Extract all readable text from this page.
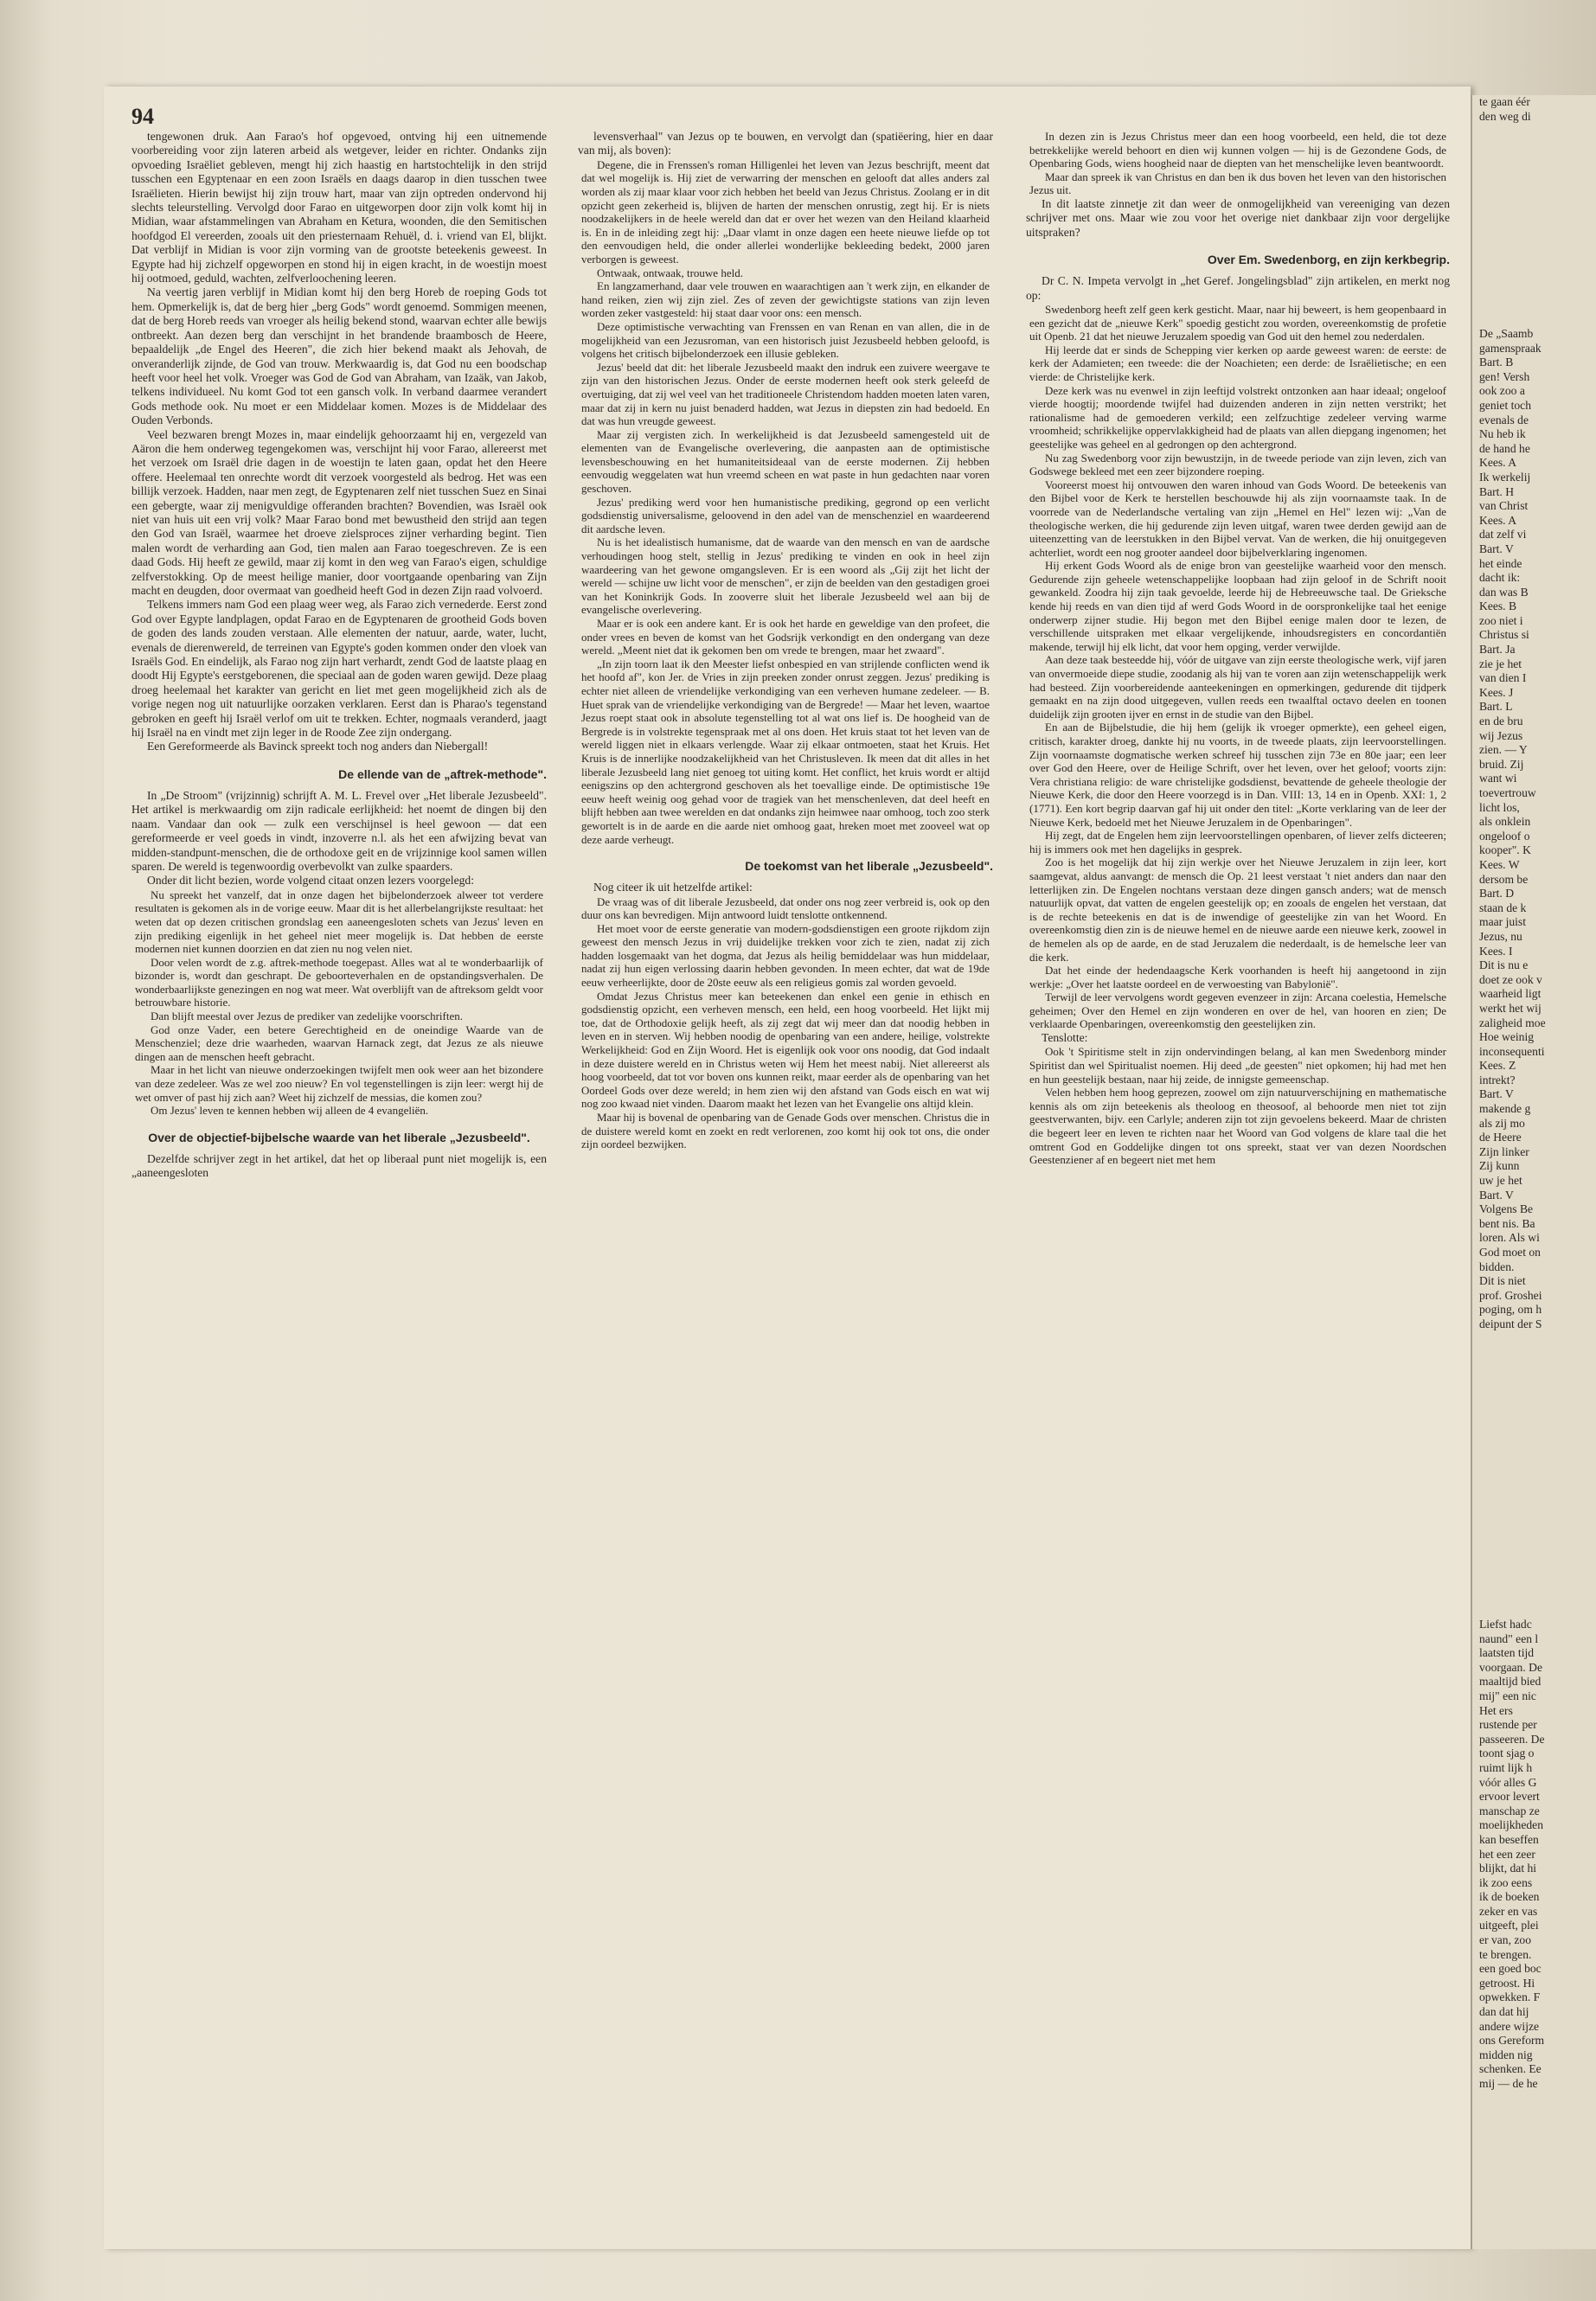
94

tengewonen druk. Aan Farao's hof opgevoed, ontving hij een uitnemende voorbereiding voor zijn lateren arbeid als wetgever, leider en richter. Ondanks zijn opvoeding Israëliet gebleven, mengt hij zich haastig en hartstochtelijk in den strijd tusschen een Egyptenaar en een zoon Israëls en daags daarop in dien tusschen twee Israëlieten. Hierin bewijst hij zijn trouw hart, maar van zijn optreden ondervond hij slechts teleurstelling. Vervolgd door Farao en uitgeworpen door zijn volk komt hij in Midian, waar afstammelingen van Abraham en Ketura, woonden, die den Semitischen hoofdgod El vereerden, zooals uit den priesternaam Rehuël, d. i. vriend van El, blijkt. Dat verblijf in Midian is voor zijn vorming van de grootste beteekenis geweest. In Egypte had hij zichzelf opgeworpen en stond hij in eigen kracht, in de woestijn moest hij ootmoed, geduld, wachten, zelfverloochening leeren.

Na veertig jaren verblijf in Midian komt hij den berg Horeb de roeping Gods tot hem. Opmerkelijk is, dat de berg hier „berg Gods" wordt genoemd. Sommigen meenen, dat de berg Horeb reeds van vroeger als heilig bekend stond, waarvan echter alle bewijs ontbreekt. Aan dezen berg dan verschijnt in het brandende braambosch de Heere, bepaaldelijk „de Engel des Heeren", die zich hier bekend maakt als Jehovah, de onveranderlijk zijnde, de God van trouw. Merkwaardig is, dat God nu een boodschap heeft voor heel het volk. Vroeger was God de God van Abraham, van Izaäk, van Jakob, telkens individueel. Nu komt God tot een gansch volk. In verband daarmee verandert Gods methode ook. Nu moet er een Middelaar komen. Mozes is de Middelaar des Ouden Verbonds.

Veel bezwaren brengt Mozes in, maar eindelijk gehoorzaamt hij en, vergezeld van Aäron die hem onderweg tegengekomen was, verschijnt hij voor Farao, allereerst met het verzoek om Israël drie dagen in de woestijn te laten gaan, opdat het den Heere offere. Heelemaal ten onrechte wordt dit verzoek voorgesteld als bedrog. Het was een billijk verzoek. Hadden, naar men zegt, de Egyptenaren zelf niet tusschen Suez en Sinai een gebergte, waar zij menigvuldige offeranden brachten? Bovendien, was Israël ook niet van huis uit een vrij volk? Maar Farao bond met bewustheid den strijd aan tegen den God van Israël, waarmee het droeve zielsproces zijner verharding begint. Tien malen wordt de verharding aan God, tien malen aan Farao toegeschreven. Ze is een daad Gods. Hij heeft ze gewild, maar zij komt in den weg van Farao's eigen, schuldige zelfverstokking. Op de meest heilige manier, door voortgaande openbaring van Zijn macht en deugden, door overmaat van goedheid heeft God in dezen Zijn raad volvoerd.

Telkens immers nam God een plaag weer weg, als Farao zich vernederde. Eerst zond God over Egypte landplagen, opdat Farao en de Egyptenaren de grootheid Gods boven de goden des lands zouden verstaan. Alle elementen der natuur, aarde, water, lucht, evenals de dierenwereld, de terreinen van Egypte's goden kommen onder den vloek van Israëls God. En eindelijk, als Farao nog zijn hart verhardt, zendt God de laatste plaag en doodt Hij Egypte's eerstgeborenen, die speciaal aan de goden waren gewijd. Deze plaag droeg heelemaal het karakter van gericht en liet met geen mogelijkheid zich als de vorige negen nog uit natuurlijke oorzaken verklaren. Eerst dan is Pharao's tegenstand gebroken en geeft hij Israël verlof om uit te trekken. Echter, nogmaals veranderd, jaagt hij Israël na en vindt met zijn leger in de Roode Zee zijn ondergang.

Een Gereformeerde als Bavinck spreekt toch nog anders dan Niebergall!

De ellende van de „aftrek-methode".

In „De Stroom" (vrijzinnig) schrijft A. M. L. Frevel over „Het liberale Jezusbeeld". Het artikel is merkwaardig om zijn radicale eerlijkheid: het noemt de dingen bij den naam. Vandaar dan ook — zulk een verschijnsel is heel gewoon — dat een gereformeerde er veel goeds in vindt, inzoverre n.l. als het een afwijzing bevat van midden-standpunt-menschen, die de orthodoxe geit en de vrijzinnige kool samen willen sparen. De wereld is tegenwoordig overbevolkt van zulke spaarders.

Onder dit licht bezien, worde volgend citaat onzen lezers voorgelegd:

Nu spreekt het vanzelf, dat in onze dagen het bijbelonderzoek alweer tot verdere resultaten is gekomen als in de vorige eeuw. Maar dit is het allerbelangrijkste resultaat: het weten dat op dezen critischen grondslag een aaneengesloten schets van Jezus' leven en zijn prediking eigenlijk in het geheel niet meer mogelijk is. Dat hebben de eerste modernen niet kunnen doorzien en dat zien nu nog velen niet.

Door velen wordt de z.g. aftrek-methode toegepast. Alles wat al te wonderbaarlijk of bizonder is, wordt dan geschrapt. De geboorteverhalen en de opstandingsverhalen. De wonderbaarlijkste genezingen en nog wat meer. Wat overblijft van de aftreksom geldt voor betrouwbare historie.

Dan blijft meestal over Jezus de prediker van zedelijke voorschriften.

God onze Vader, een betere Gerechtigheid en de oneindige Waarde van de Menschenziel; deze drie waarheden, waarvan Harnack zegt, dat Jezus ze als nieuwe dingen aan de menschen heeft gebracht.

Maar in het licht van nieuwe onderzoekingen twijfelt men ook weer aan het bizondere van deze zedeleer. Was ze wel zoo nieuw? En vol tegenstellingen is zijn leer: wergt hij de wet omver of past hij zich aan? Weet hij zichzelf de messias, die komen zou?

Om Jezus' leven te kennen hebben wij alleen de 4 evangeliën.

Over de objectief-bijbelsche waarde van het liberale „Jezusbeeld".

Dezelfde schrijver zegt in het artikel, dat het op liberaal punt niet mogelijk is, een „aaneengesloten

levensverhaal" van Jezus op te bouwen, en vervolgt dan (spatiëering, hier en daar van mij, als boven):

Degene, die in Frenssen's roman Hilligenlei het leven van Jezus beschrijft, meent dat dat wel mogelijk is. Hij ziet de verwarring der menschen en gelooft dat alles anders zal worden als zij maar klaar voor zich hebben het beeld van Jezus Christus. Zoolang er in dit opzicht geen zekerheid is, blijven de harten der menschen onrustig, zegt hij. Er is niets noodzakelijkers in de heele wereld dan dat er over het wezen van den Heiland klaarheid is. En in de inleiding zegt hij: „Daar vlamt in onze dagen een heete nieuwe liefde op tot den eenvoudigen held, die onder allerlei wonderlijke bekleeding bedekt, 2000 jaren verborgen is geweest.

Ontwaak, ontwaak, trouwe held.

En langzamerhand, daar vele trouwen en waarachtigen aan 't werk zijn, en elkander de hand reiken, zien wij zijn ziel. Zes of zeven der gewichtigste stations van zijn leven worden zeker vastgesteld: hij staat daar voor ons: een mensch.

Deze optimistische verwachting van Frenssen en van Renan en van allen, die in de mogelijkheid van een Jezusroman, van een historisch juist Jezusbeeld hebben geloofd, is volgens het critisch bijbelonderzoek een illusie gebleken.

Jezus' beeld dat dit: het liberale Jezusbeeld maakt den indruk een zuivere weergave te zijn van den historischen Jezus. Onder de eerste modernen heeft ook sterk geleefd de overtuiging, dat zij wel veel van het traditioneele Christendom hadden moeten laten varen, maar dat zij in kern nu juist benaderd hadden, wat Jezus in diepsten zin had bedoeld. En dat was hun vreugde geweest.

Maar zij vergisten zich. In werkelijkheid is dat Jezusbeeld samengesteld uit de elementen van de Evangelische overlevering, die aanpasten aan de optimistische levensbeschouwing en het humaniteitsideaal van de eerste modernen. Zij hebben eenvoudig weggelaten wat hun vreemd scheen en wat paste in hun gedachten naar voren geschoven.

Jezus' prediking werd voor hen humanistische prediking, gegrond op een verlicht godsdienstig universalisme, geloovend in den adel van de menschenziel en waardeerend dit aardsche leven.

Nu is het idealistisch humanisme, dat de waarde van den mensch en van de aardsche verhoudingen hoog stelt, stellig in Jezus' prediking te vinden en ook in heel zijn waardeering van het gewone omgangsleven. Er is een woord als „Gij zijt het licht der wereld — schijne uw licht voor de menschen", er zijn de beelden van den gestadigen groei van het Koninkrijk Gods. In zooverre sluit het liberale Jezusbeeld wel aan bij de evangelische overlevering.

Maar er is ook een andere kant. Er is ook het harde en geweldige van den profeet, die onder vrees en beven de komst van het Godsrijk verkondigt en den ondergang van deze wereld. „Meent niet dat ik gekomen ben om vrede te brengen, maar het zwaard".

„In zijn toorn laat ik den Meester liefst onbespied en van strijlende conflicten wend ik het hoofd af", kon Jer. de Vries in zijn preeken zonder onrust zeggen. Jezus' prediking is echter niet alleen de vriendelijke verkondiging van een verheven humane zedeleer. — B. Huet sprak van de vriendelijke verkondiging van de Bergrede! — Maar het leven, waartoe Jezus roept staat ook in absolute tegenstelling tot al wat ons lief is. De hoogheid van de Bergrede is in volstrekte tegenspraak met al ons doen. Het kruis staat tot het leven van de wereld liggen niet in elkaars verlengde. Waar zij elkaar ontmoeten, staat het Kruis. Het Kruis is de innerlijke noodzakelijkheid van het Christusleven. Ik meen dat dit alles in het liberale Jezusbeeld lang niet genoeg tot uiting komt. Het conflict, het kruis wordt er altijd eenigszins op den achtergrond geschoven als het toevallige einde. De optimistische 19e eeuw heeft weinig oog gehad voor de tragiek van het menschenleven, dat deel heeft en blijft hebben aan twee werelden en dat ondanks zijn heimwee naar omhoog, toch zoo sterk gewortelt is in de aarde en die aarde niet omhoog gaat, hreken moet met zooveel wat op deze aarde verheugt.

De toekomst van het liberale „Jezusbeeld".

Nog citeer ik uit hetzelfde artikel:

De vraag was of dit liberale Jezusbeeld, dat onder ons nog zeer verbreid is, ook op den duur ons kan bevredigen. Mijn antwoord luidt tenslotte ontkennend.

Het moet voor de eerste generatie van modern-godsdienstigen een groote rijkdom zijn geweest den mensch Jezus in vrij duidelijke trekken voor zich te zien, nadat zij zich hadden losgemaakt van het dogma, dat Jezus als heilig bemiddelaar was hun middelaar, nadat zij hun eigen verlossing daarin hebben gevonden. In meen echter, dat wat de 19de eeuw verheerlijkte, door de 20ste eeuw als een religieus gomis zal worden gevoeld.

Omdat Jezus Christus meer kan beteekenen dan enkel een genie in ethisch en godsdienstig opzicht, een verheven mensch, een held, een hoog voorbeeld. Het lijkt mij toe, dat de Orthodoxie gelijk heeft, als zij zegt dat wij meer dan dat noodig hebben in leven en in sterven. Wij hebben noodig de openbaring van een andere, heilige, volstrekte Werkelijkheid: God en Zijn Woord. Het is eigenlijk ook voor ons noodig, dat God indaalt in deze duistere wereld en in Christus weten wij Hem het meest nabij. Niet allereerst als hoog voorbeeld, dat tot vor boven ons kunnen reikt, maar eerder als de openbaring van het Oordeel Gods over deze wereld; in hem zien wij den afstand van Gods eisch en wat wij nog zoo kwaad niet vinden. Daarom maakt het lezen van het Evangelie ons altijd klein.

Maar hij is bovenal de openbaring van de Genade Gods over menschen. Christus die in de duistere wereld komt en zoekt en redt verlorenen, zoo komt hij ook tot ons, die onder zijn oordeel bezwijken.

In dezen zin is Jezus Christus meer dan een hoog voorbeeld, een held, die tot deze betrekkelijke wereld behoort en dien wij kunnen volgen — hij is de Gezondene Gods, de Openbaring Gods, wiens hoogheid naar de diepten van het menschelijke leven beantwoordt.

Maar dan spreek ik van Christus en dan ben ik dus boven het leven van den historischen Jezus uit.

In dit laatste zinnetje zit dan weer de onmogelijkheid van vereeniging van dezen schrijver met ons. Maar wie zou voor het overige niet dankbaar zijn voor dergelijke uitspraken?

Over Em. Swedenborg, en zijn kerkbegrip.

Dr C. N. Impeta vervolgt in „het Geref. Jongelingsblad" zijn artikelen, en merkt nog op:

Swedenborg heeft zelf geen kerk gesticht. Maar, naar hij beweert, is hem geopenbaard in een gezicht dat de „nieuwe Kerk" spoedig gesticht zou worden, overeenkomstig de profetie uit Openb. 21 dat het nieuwe Jeruzalem spoedig van God uit den hemel zou nederdalen.

Hij leerde dat er sinds de Schepping vier kerken op aarde geweest waren: de eerste: de kerk der Adamieten; een tweede: die der Noachieten; een derde: de Israëlietische; en een vierde: de Christelijke kerk.

Deze kerk was nu evenwel in zijn leeftijd volstrekt ontzonken aan haar ideaal; ongeloof vierde hoogtij; moordende twijfel had duizenden anderen in zijn netten verstrikt; het rationalisme had de gemoederen verkild; een zelfzuchtige zedeleer verving warme vroomheid; schrikkelijke oppervlakkigheid had de plaats van allen diepgang ingenomen; het geestelijke was geheel en al gedrongen op den achtergrond.

Nu zag Swedenborg voor zijn bewustzijn, in de tweede periode van zijn leven, zich van Godswege bekleed met een zeer bijzondere roeping.

Vooreerst moest hij ontvouwen den waren inhoud van Gods Woord. De beteekenis van den Bijbel voor de Kerk te herstellen beschouwde hij als zijn voornaamste taak. In de voorrede van de Nederlandsche vertaling van zijn „Hemel en Hel" lezen wij: „Van de theologische werken, die hij gedurende zijn leven uitgaf, waren twee derden gewijd aan de uiteenzetting van de leerstukken in den Bijbel vervat. Van de werken, die hij onuitgegeven achterliet, wordt een nog grooter aandeel door bijbelverklaring ingenomen.

Hij erkent Gods Woord als de enige bron van geestelijke waarheid voor den mensch. Gedurende zijn geheele wetenschappelijke loopbaan had zijn geloof in de Schrift nooit gewankeld. Zoodra hij zijn taak gevoelde, leerde hij de Hebreeuwsche taal. De Grieksche kende hij reeds en van dien tijd af werd Gods Woord in de oorspronkelijke taal het eenige onderwerp zijner studie. Hij begon met den Bijbel eenige malen door te lezen, de verschillende uitspraken met elkaar vergelijkende, inhoudsregisters en concordantiën makende, terwijl hij elk licht, dat voor hem opging, verder verwijlde.

Aan deze taak besteedde hij, vóór de uitgave van zijn eerste theologische werk, vijf jaren van onvermoeide diepe studie, zoodanig als hij van te voren aan zijn wetenschappelijk werk had besteed. Zijn voorbereidende aanteekeningen en opmerkingen, gedurende dit tijdperk gemaakt en na zijn dood uitgegeven, vullen reeds een twaalftal octavo deelen en toonen duidelijk zijn grooten ijver en ernst in de studie van den Bijbel.

En aan de Bijbelstudie, die hij hem (gelijk ik vroeger opmerkte), een geheel eigen, critisch, karakter droeg, dankte hij nu voorts, in de tweede plaats, zijn leervoorstellingen. Zijn voornaamste dogmatische werken schreef hij tusschen zijn 73e en 80e jaar; een leer over God den Heere, over de Heilige Schrift, over het leven, over het geloof; voorts zijn: Vera christiana religio: de ware christelijke godsdienst, bevattende de geheele theologie der Nieuwe Kerk, die door den Heere voorzegd is in Dan. VIII: 13, 14 en in Openb. XXI: 1, 2 (1771). Een kort begrip daarvan gaf hij uit onder den titel: „Korte verklaring van de leer der Nieuwe Kerk, bedoeld met het Nieuwe Jeruzalem in de Openbaringen".

Hij zegt, dat de Engelen hem zijn leervoorstellingen openbaren, of liever zelfs dicteeren; hij is immers ook met hen dagelijks in gesprek.

Zoo is het mogelijk dat hij zijn werkje over het Nieuwe Jeruzalem in zijn leer, kort saamgevat, aldus aanvangt: de mensch die Op. 21 leest verstaat 't niet anders dan naar den letterlijken zin. De Engelen nochtans verstaan deze dingen gansch anders; wat de mensch natuurlijk opvat, dat vatten de engelen geestelijk op; en zooals de engelen het verstaan, dat is de rechte beteekenis en dat is de inwendige of geestelijke zin van het Woord. En overeenkomstig dien zin is de nieuwe hemel en de nieuwe aarde een nieuwe kerk, zoowel in de hemelen als op de aarde, en de stad Jeruzalem die nederdaalt, is de hemelsche leer van die kerk.

Dat het einde der hedendaagsche Kerk voorhanden is heeft hij aangetoond in zijn werkje: „Over het laatste oordeel en de verwoesting van Babylonië".

Terwijl de leer vervolgens wordt gegeven evenzeer in zijn: Arcana coelestia, Hemelsche geheimen; Over den Hemel en zijn wonderen en over de hel, van hooren en zien; De verklaarde Openbaringen, overeenkomstig den geestelijken zin.

Tenslotte:

Ook 't Spiritisme stelt in zijn ondervindingen belang, al kan men Swedenborg minder Spiritist dan wel Spiritualist noemen. Hij deed „de geesten" niet opkomen; hij had met hen en hun geestelijk bestaan, naar hij zeide, de innigste gemeenschap.

Velen hebben hem hoog geprezen, zoowel om zijn natuurverschijning en mathematische kennis als om zijn beteekenis als theoloog en theosoof, al behoorde men niet tot zijn geestverwanten, bijv. een Carlyle; anderen zijn tot zijn gevoelens bekeerd. Maar de christen die begeert leer en leven te richten naar het Woord van God volgens de klare taal die het omtrent God en Goddelijke dingen tot ons spreekt, staat ver van dezen Noordschen Geestenziener af en begeert niet met hem

te gaan éér
den weg di
De „Saamb
gamenspraak
Bart. B
gen! Versh
ook zoo a
geniet toch
evenals de
Nu heb ik
de hand he
Kees. A
Ik werkelij
Bart. H
van Christ
Kees. A
dat zelf vi
Bart. V
het einde
dacht ik:
dan was B
Kees. B
zoo niet i
Christus si
Bart. Ja
zie je het
van dien I
Kees. J
Bart. L
en de bru
wij Jezus
zien. — Y
bruid. Zij
want wi
toevertrouw
licht los,
als onklein
ongeloof o
kooper". K
Kees. W
dersom be
Bart. D
staan de k
maar juist
Jezus, nu
Kees. I
Dit is nu e
doet ze ook v
waarheid ligt
werkt het wij
zaligheid moe
Hoe weinig
inconsequenti
Kees. Z
intrekt?
Bart. V
makende g
als zij mo
de Heere
Zijn linker
Zij kunn
uw je het
Bart. V
Volgens Be
bent nis. Ba
loren. Als wi
God moet on
bidden.
Dit is niet
prof. Groshei
poging, om h
deipunt der S
Liefst hadc
naund" een l
laatsten tijd
voorgaan. De
maaltijd bied
mij" een nic
Het ers
rustende per
passeeren. De
toont sjag o
ruimt lijk h
vóór alles G
ervoor levert
manschap ze
moelijkheden
kan beseffen
het een zeer
blijkt, dat hi
ik zoo eens
ik de boeken
zeker en vas
uitgeeft, plei
er van, zoo
te brengen.
een goed boc
getroost. Hi
opwekken. F
dan dat hij
andere wijze
ons Gereform
midden nig
schenken. Ee
mij — de he
